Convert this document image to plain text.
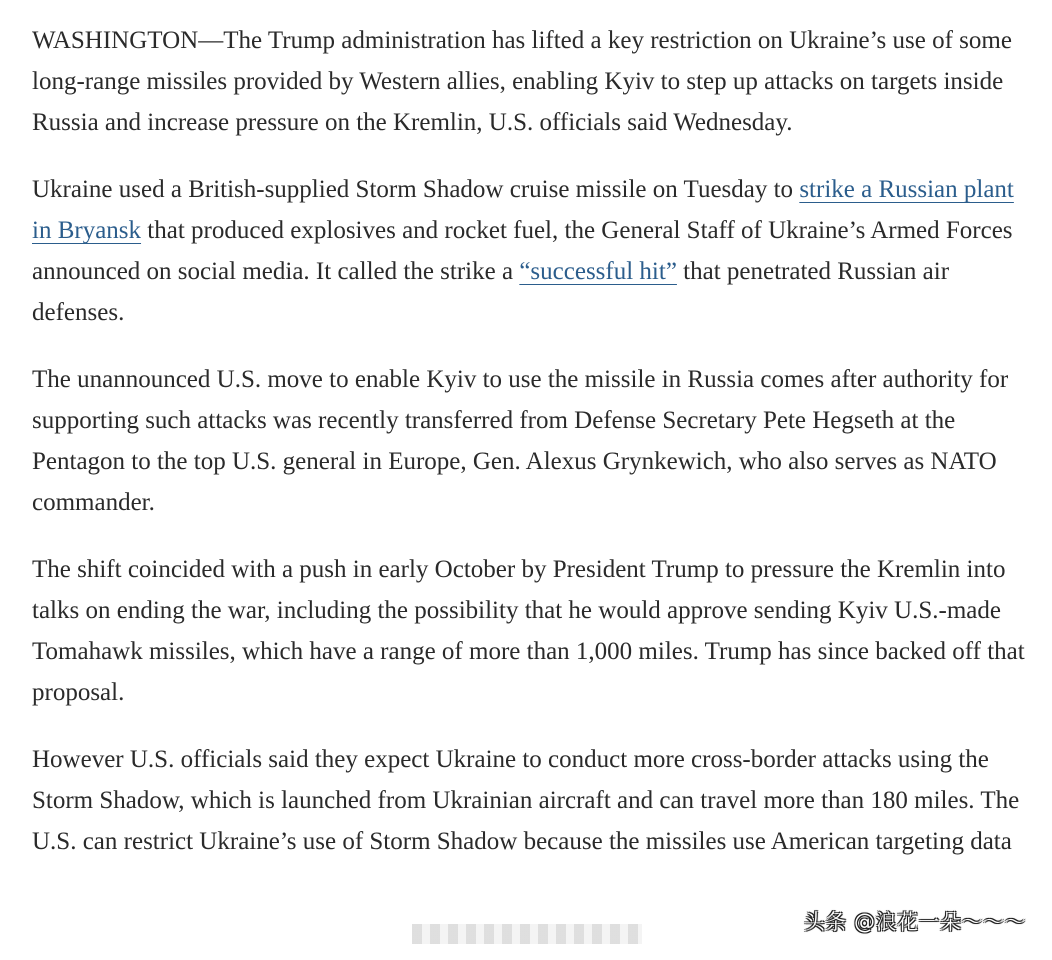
WASHINGTON—The Trump administration has lifted a key restriction on Ukraine’s use of some long-range missiles provided by Western allies, enabling Kyiv to step up attacks on targets inside Russia and increase pressure on the Kremlin, U.S. officials said Wednesday.

Ukraine used a British-supplied Storm Shadow cruise missile on Tuesday to strike a Russian plant in Bryansk that produced explosives and rocket fuel, the General Staff of Ukraine’s Armed Forces announced on social media. It called the strike a “successful hit” that penetrated Russian air defenses.

The unannounced U.S. move to enable Kyiv to use the missile in Russia comes after authority for supporting such attacks was recently transferred from Defense Secretary Pete Hegseth at the Pentagon to the top U.S. general in Europe, Gen. Alexus Grynkewich, who also serves as NATO commander.

The shift coincided with a push in early October by President Trump to pressure the Kremlin into talks on ending the war, including the possibility that he would approve sending Kyiv U.S.-made Tomahawk missiles, which have a range of more than 1,000 miles. Trump has since backed off that proposal.

However U.S. officials said they expect Ukraine to conduct more cross-border attacks using the Storm Shadow, which is launched from Ukrainian aircraft and can travel more than 180 miles. The U.S. can restrict Ukraine’s use of Storm Shadow because the missiles use American targeting data

头条 @浪花一朵～～～
